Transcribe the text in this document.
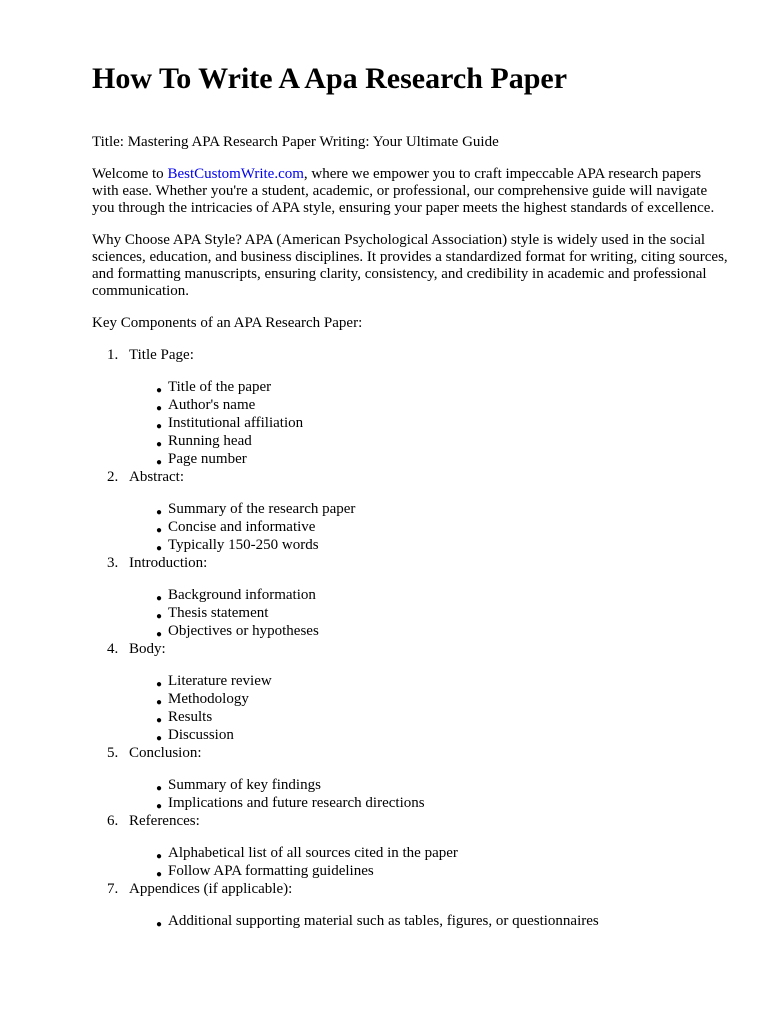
How To Write A Apa Research Paper

Title: Mastering APA Research Paper Writing: Your Ultimate Guide

Welcome to BestCustomWrite.com, where we empower you to craft impeccable APA research papers with ease. Whether you're a student, academic, or professional, our comprehensive guide will navigate you through the intricacies of APA style, ensuring your paper meets the highest standards of excellence.

Why Choose APA Style? APA (American Psychological Association) style is widely used in the social sciences, education, and business disciplines. It provides a standardized format for writing, citing sources, and formatting manuscripts, ensuring clarity, consistency, and credibility in academic and professional communication.

Key Components of an APA Research Paper:

1. Title Page:
● Title of the paper
● Author's name
● Institutional affiliation
● Running head
● Page number
2. Abstract:
● Summary of the research paper
● Concise and informative
● Typically 150-250 words
3. Introduction:
● Background information
● Thesis statement
● Objectives or hypotheses
4. Body:
● Literature review
● Methodology
● Results
● Discussion
5. Conclusion:
● Summary of key findings
● Implications and future research directions
6. References:
● Alphabetical list of all sources cited in the paper
● Follow APA formatting guidelines
7. Appendices (if applicable):
● Additional supporting material such as tables, figures, or questionnaires
